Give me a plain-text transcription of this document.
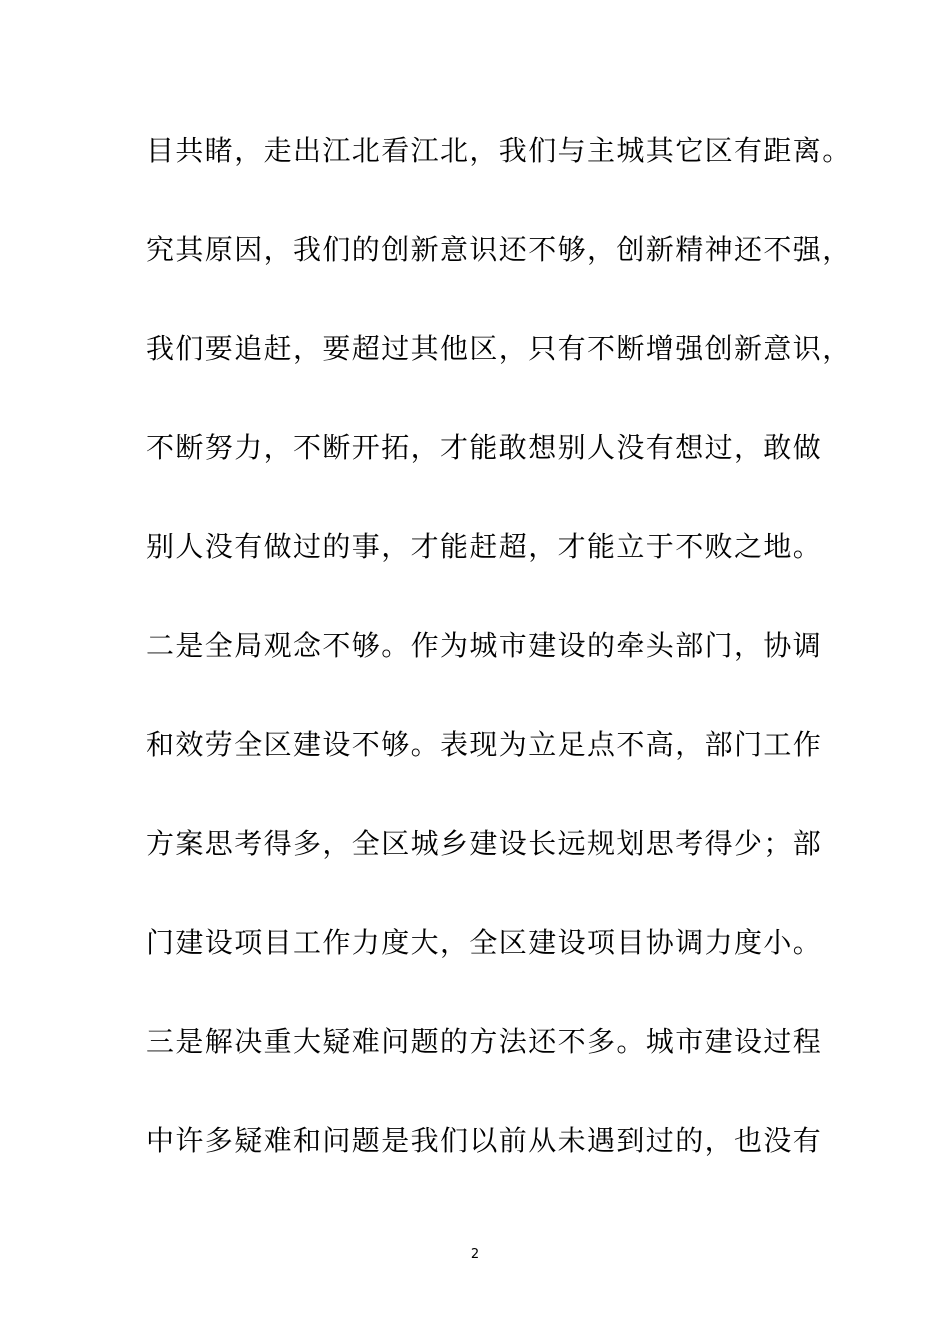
目共睹，走出江北看江北，我们与主城其它区有距离。
究其原因，我们的创新意识还不够，创新精神还不强，
我们要追赶，要超过其他区，只有不断增强创新意识，
不断努力，不断开拓，才能敢想别人没有想过，敢做
别人没有做过的事，才能赶超，才能立于不败之地。
二是全局观念不够。作为城市建设的牵头部门，协调
和效劳全区建设不够。表现为立足点不高，部门工作
方案思考得多，全区城乡建设长远规划思考得少；部
门建设项目工作力度大，全区建设项目协调力度小。
三是解决重大疑难问题的方法还不多。城市建设过程
中许多疑难和问题是我们以前从未遇到过的，也没有
2
